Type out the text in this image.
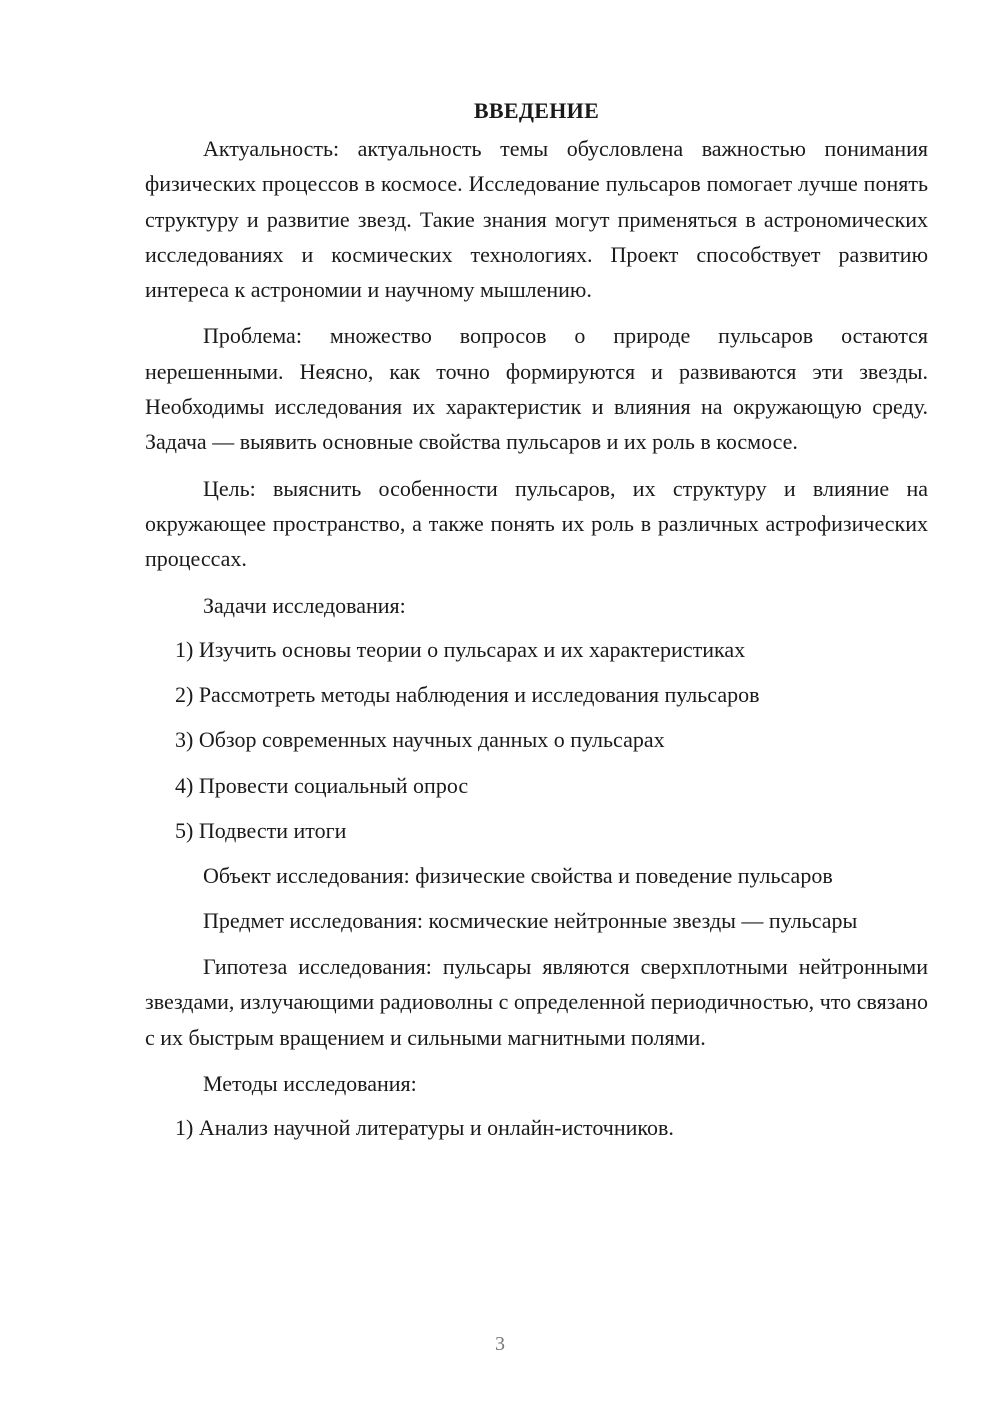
ВВЕДЕНИЕ

Актуальность: актуальность темы обусловлена важностью понимания физических процессов в космосе. Исследование пульсаров помогает лучше понять структуру и развитие звезд. Такие знания могут применяться в астрономических исследованиях и космических технологиях. Проект способствует развитию интереса к астрономии и научному мышлению.

Проблема: множество вопросов о природе пульсаров остаются нерешенными. Неясно, как точно формируются и развиваются эти звезды. Необходимы исследования их характеристик и влияния на окружающую среду. Задача — выявить основные свойства пульсаров и их роль в космосе.

Цель: выяснить особенности пульсаров, их структуру и влияние на окружающее пространство, а также понять их роль в различных астрофизических процессах.

Задачи исследования:

1) Изучить основы теории о пульсарах и их характеристиках
2) Рассмотреть методы наблюдения и исследования пульсаров
3) Обзор современных научных данных о пульсарах
4) Провести социальный опрос
5) Подвести итоги

Объект исследования: физические свойства и поведение пульсаров

Предмет исследования: космические нейтронные звезды — пульсары

Гипотеза исследования: пульсары являются сверхплотными нейтронными звездами, излучающими радиоволны с определенной периодичностью, что связано с их быстрым вращением и сильными магнитными полями.

Методы исследования:

1) Анализ научной литературы и онлайн-источников.
3
